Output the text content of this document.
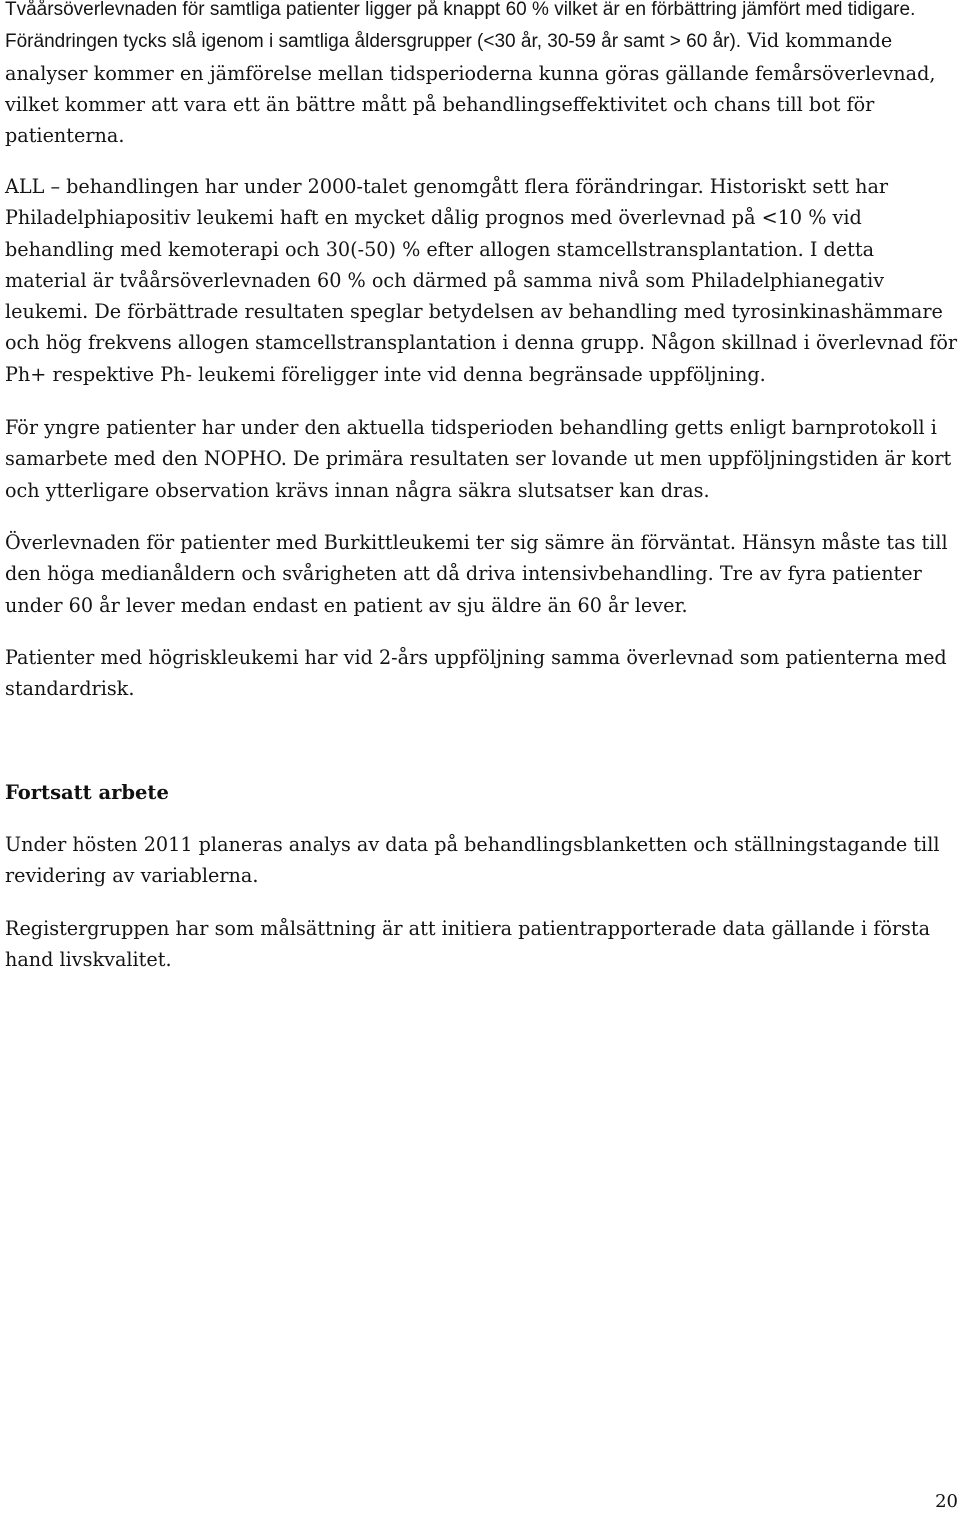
Tvåårsöverlevnaden för samtliga patienter ligger på knappt 60 % vilket är en förbättring jämfört med tidigare. Förändringen tycks slå igenom i samtliga åldersgrupper (<30 år, 30-59 år samt > 60 år). Vid kommande analyser kommer en jämförelse mellan tidsperioderna kunna göras gällande femårsöverlevnad, vilket kommer att vara ett än bättre mått på behandlingseffektivitet och chans till bot för patienterna.

ALL – behandlingen har under 2000-talet genomgått flera förändringar. Historiskt sett har Philadelphiapositiv leukemi haft en mycket dålig prognos med överlevnad på <10 % vid behandling med kemoterapi och 30(-50) % efter allogen stamcellstransplantation. I detta material är tvåårsöverlevnaden 60 % och därmed på samma nivå som Philadelphianegativ leukemi. De förbättrade resultaten speglar betydelsen av behandling med tyrosinkinashämmare och hög frekvens allogen stamcellstransplantation i denna grupp. Någon skillnad i överlevnad för Ph+ respektive Ph- leukemi föreligger inte vid denna begränsade uppföljning.

För yngre patienter har under den aktuella tidsperioden behandling getts enligt barnprotokoll i samarbete med den NOPHO. De primära resultaten ser lovande ut men uppföljningstiden är kort och ytterligare observation krävs innan några säkra slutsatser kan dras.

Överlevnaden för patienter med Burkittleukemi ter sig sämre än förväntat. Hänsyn måste tas till den höga medianåldern och svårigheten att då driva intensivbehandling. Tre av fyra patienter under 60 år lever medan endast en patient av sju äldre än 60 år lever.

Patienter med högriskleukemi har vid 2-års uppföljning samma överlevnad som patienterna med standardrisk.

Fortsatt arbete

Under hösten 2011 planeras analys av data på behandlingsblanketten och ställningstagande till revidering av variablerna.

Registergruppen har som målsättning är att initiera patientrapporterade data gällande i första hand livskvalitet.

20
